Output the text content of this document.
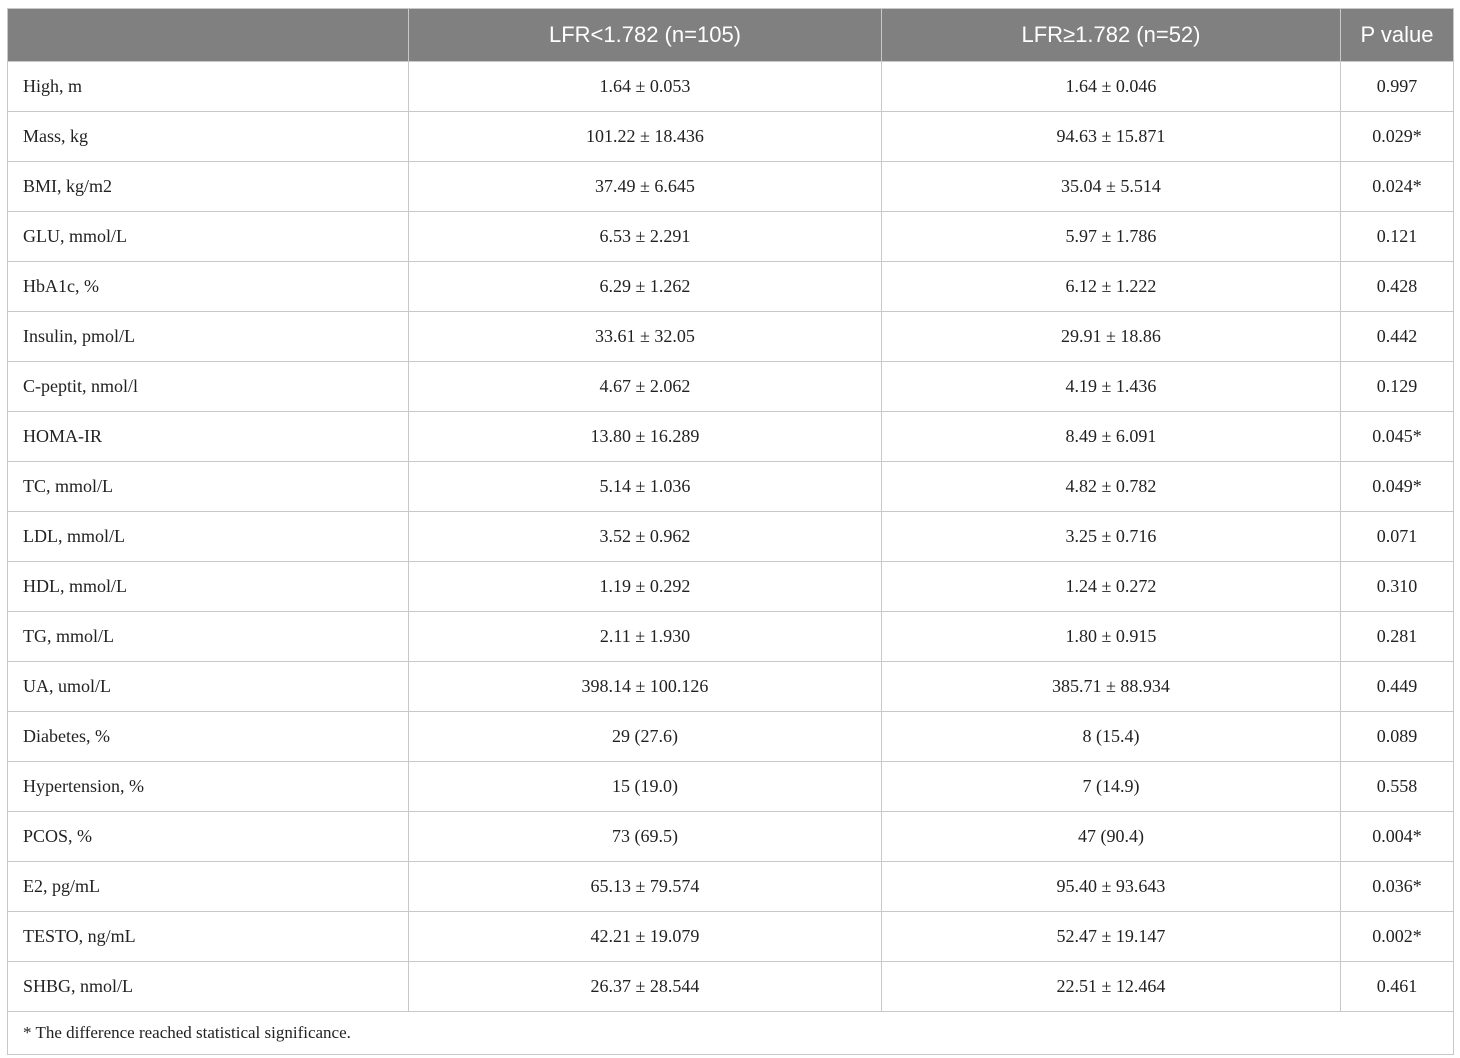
	LFR<1.782 (n=105)	LFR≥1.782 (n=52)	P value
High, m	1.64 ± 0.053	1.64 ± 0.046	0.997
Mass, kg	101.22 ± 18.436	94.63 ± 15.871	0.029*
BMI, kg/m2	37.49 ± 6.645	35.04 ± 5.514	0.024*
GLU, mmol/L	6.53 ± 2.291	5.97 ± 1.786	0.121
HbA1c, %	6.29 ± 1.262	6.12 ± 1.222	0.428
Insulin, pmol/L	33.61 ± 32.05	29.91 ± 18.86	0.442
C-peptit, nmol/l	4.67 ± 2.062	4.19 ± 1.436	0.129
HOMA-IR	13.80 ± 16.289	8.49 ± 6.091	0.045*
TC, mmol/L	5.14 ± 1.036	4.82 ± 0.782	0.049*
LDL, mmol/L	3.52 ± 0.962	3.25 ± 0.716	0.071
HDL, mmol/L	1.19 ± 0.292	1.24 ± 0.272	0.310
TG, mmol/L	2.11 ± 1.930	1.80 ± 0.915	0.281
UA, umol/L	398.14 ± 100.126	385.71 ± 88.934	0.449
Diabetes, %	29 (27.6)	8 (15.4)	0.089
Hypertension, %	15 (19.0)	7 (14.9)	0.558
PCOS, %	73 (69.5)	47 (90.4)	0.004*
E2, pg/mL	65.13 ± 79.574	95.40 ± 93.643	0.036*
TESTO, ng/mL	42.21 ± 19.079	52.47 ± 19.147	0.002*
SHBG, nmol/L	26.37 ± 28.544	22.51 ± 12.464	0.461
* The difference reached statistical significance.			
